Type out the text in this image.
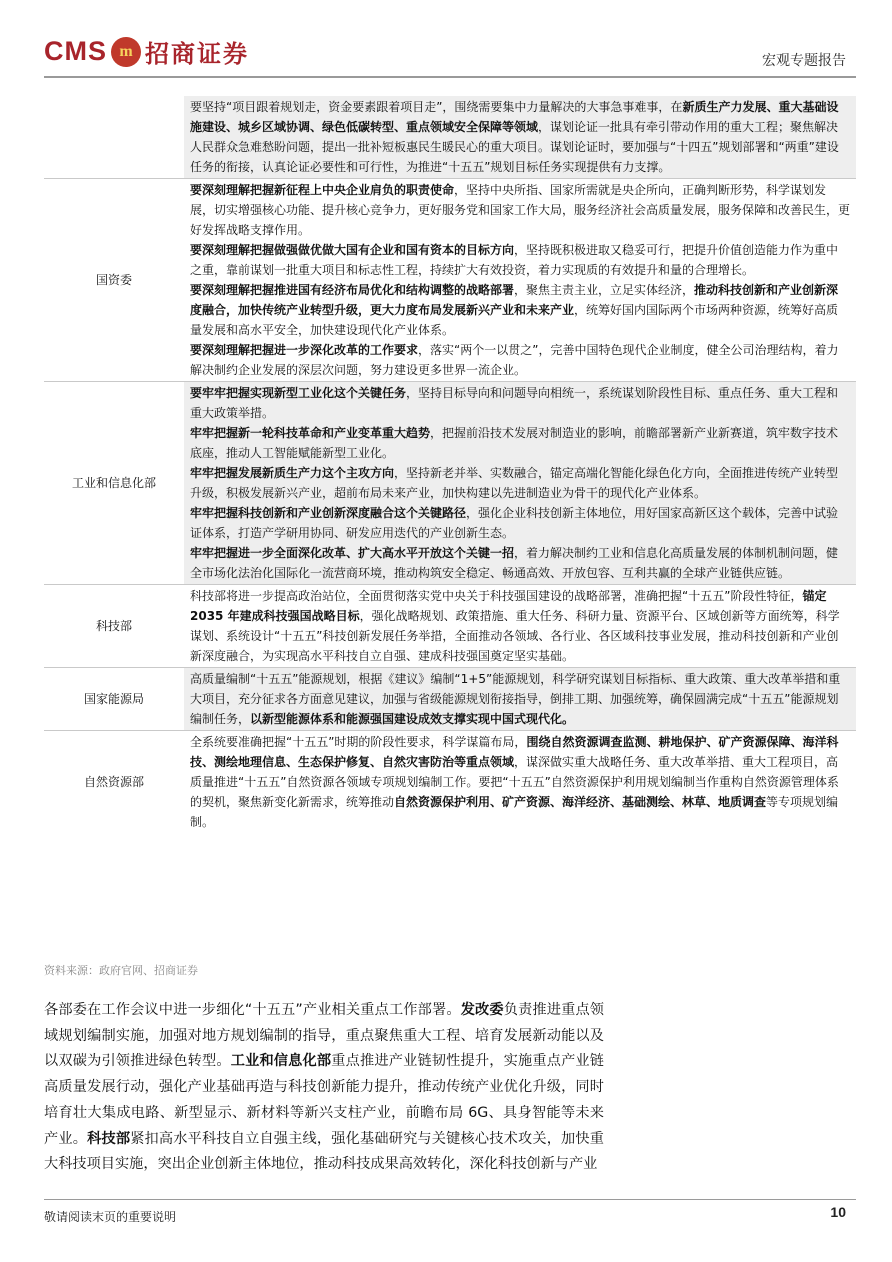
CMS m 招商证券	宏观专题报告

	要坚持“项目跟着规划走，资金要素跟着项目走”，围绕需要集中力量解决的大事急事难事，在新质生产力发展、重大基础设施建设、城乡区域协调、绿色低碳转型、重点领域安全保障等领域，谋划论证一批具有牵引带动作用的重大工程；聚焦解决人民群众急难愁盼问题，提出一批补短板惠民生暖民心的重大项目。谋划论证时，要加强与“十四五”规划部署和“两重”建设任务的衔接，认真论证必要性和可行性，为推进“十五五”规划目标任务实现提供有力支撑。

国资委	要深刻理解把握新征程上中央企业肩负的职责使命，坚持中央所指、国家所需就是央企所向，正确判断形势，科学谋划发展，切实增强核心功能、提升核心竞争力，更好服务党和国家工作大局，服务经济社会高质量发展，服务保障和改善民生，更好发挥战略支撑作用。

要深刻理解把握做强做优做大国有企业和国有资本的目标方向，坚持既积极进取又稳妥可行，把提升价值创造能力作为重中之重，靠前谋划一批重大项目和标志性工程，持续扩大有效投资，着力实现质的有效提升和量的合理增长。

要深刻理解把握推进国有经济布局优化和结构调整的战略部署，聚焦主责主业，立足实体经济，推动科技创新和产业创新深度融合，加快传统产业转型升级，更大力度布局发展新兴产业和未来产业，统筹好国内国际两个市场两种资源，统筹好高质量发展和高水平安全，加快建设现代化产业体系。

要深刻理解把握进一步深化改革的工作要求，落实“两个一以贯之”，完善中国特色现代企业制度，健全公司治理结构，着力解决制约企业发展的深层次问题，努力建设更多世界一流企业。

工业和信息化部	要牢牢把握实现新型工业化这个关键任务，坚持目标导向和问题导向相统一，系统谋划阶段性目标、重点任务、重大工程和重大政策举措。

牢牢把握新一轮科技革命和产业变革重大趋势，把握前沿技术发展对制造业的影响，前瞻部署新产业新赛道，筑牢数字技术底座，推动人工智能赋能新型工业化。

牢牢把握发展新质生产力这个主攻方向，坚持新老并举、实数融合，锚定高端化智能化绿色化方向，全面推进传统产业转型升级，积极发展新兴产业，超前布局未来产业，加快构建以先进制造业为骨干的现代化产业体系。

牢牢把握科技创新和产业创新深度融合这个关键路径，强化企业科技创新主体地位，用好国家高新区这个载体，完善中试验证体系，打造产学研用协同、研发应用迭代的产业创新生态。

牢牢把握进一步全面深化改革、扩大高水平开放这个关键一招，着力解决制约工业和信息化高质量发展的体制机制问题，健全市场化法治化国际化一流营商环境，推动构筑安全稳定、畅通高效、开放包容、互利共赢的全球产业链供应链。

科技部	科技部将进一步提高政治站位，全面贯彻落实党中央关于科技强国建设的战略部署，准确把握“十五五”阶段性特征，锚定 2035 年建成科技强国战略目标，强化战略规划、政策措施、重大任务、科研力量、资源平台、区域创新等方面统筹，科学谋划、系统设计“十五五”科技创新发展任务举措，全面推动各领域、各行业、各区域科技事业发展，推动科技创新和产业创新深度融合，为实现高水平科技自立自强、建成科技强国奠定坚实基础。

国家能源局	高质量编制“十五五”能源规划，根据《建议》编制“1+5”能源规划，科学研究谋划目标指标、重大政策、重大改革举措和重大项目，充分征求各方面意见建议，加强与省级能源规划衔接指导，倒排工期、加强统筹，确保圆满完成“十五五”能源规划编制任务，以新型能源体系和能源强国建设成效支撑实现中国式现代化。

自然资源部	全系统要准确把握“十五五”时期的阶段性要求，科学谋篇布局，围绕自然资源调查监测、耕地保护、矿产资源保障、海洋科技、测绘地理信息、生态保护修复、自然灾害防治等重点领域，谋深做实重大战略任务、重大改革举措、重大工程项目，高质量推进“十五五”自然资源各领域专项规划编制工作。要把“十五五”自然资源保护利用规划编制当作重构自然资源管理体系的契机，聚焦新变化新需求，统筹推动自然资源保护利用、矿产资源、海洋经济、基础测绘、林草、地质调查等专项规划编制。

资料来源：政府官网、招商证券
各部委在工作会议中进一步细化“十五五”产业相关重点工作部署。发改委负责推进重点领域规划编制实施，加强对地方规划编制的指导，重点聚焦重大工程、培育发展新动能以及以双碳为引领推进绿色转型。工业和信息化部重点推进产业链韧性提升，实施重点产业链高质量发展行动，强化产业基础再造与科技创新能力提升，推动传统产业优化升级，同时培育壮大集成电路、新型显示、新材料等新兴支柱产业，前瞻布局 6G、具身智能等未来产业。科技部紧扣高水平科技自立自强主线，强化基础研究与关键核心技术攻关，加快重大科技项目实施，突出企业创新主体地位，推动科技成果高效转化，深化科技创新与产业
敬请阅读末页的重要说明	10
